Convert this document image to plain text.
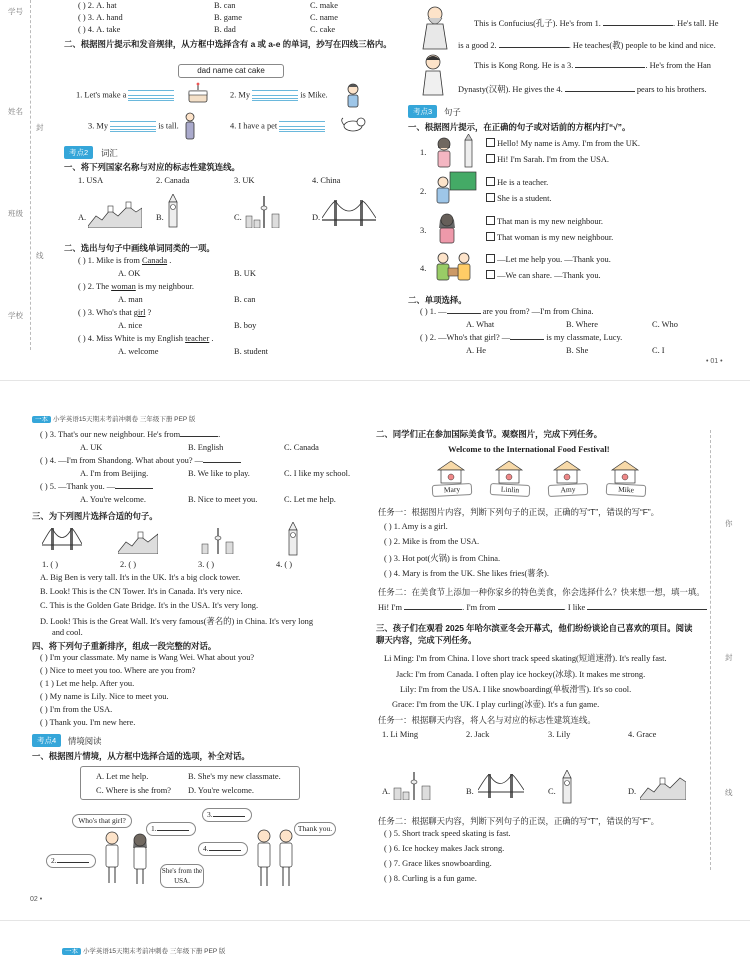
学号
姓名
封
班级
线
学校
( ) 2. A. hat	B. can	C. make
( ) 3. A. hand	B. game	C. name
( ) 4. A. take	B. dad	C. cake
二、根据图片提示和发音规律，从方框中选择含有 a 或 a-e 的单词，抄写在四线三格内。
dad name cat cake
1. Let's make a	2. My	is Mike.
3. My	is tall.	4. I have a pet
考点2	词汇
一、将下列国家名称与对应的标志性建筑连线。
1. USA	2. Canada	3. UK	4. China
A.	B.	C.	D.
二、选出与句子中画线单词同类的一项。
( ) 1. Mike is from Canada .
A. OK	B. UK
( ) 2. The woman is my neighbour.
A. man	B. can
( ) 3. Who's that girl ?
A. nice	B. boy
( ) 4. Miss White is my English teacher .
A. welcome	B. student
This is Confucius(孔子). He's from 1.	. He's tall. He
is a good 2.	. He teaches(教) people to be kind and nice.
This is Kong Rong. He is a 3.	. He's from the Han
Dynasty(汉朝). He gives the 4.	pears to his brothers.
考点3	句子
一、根据图片提示，在正确的句子或对话前的方框内打“√”。
1.
Hello! My name is Amy. I'm from the UK.
Hi! I'm Sarah. I'm from the USA.
2.
He is a teacher.
She is a student.
3.
That man is my new neighbour.
That woman is my new neighbour.
4.
—Let me help you. —Thank you.
—We can share. —Thank you.
二、单项选择。
( ) 1. —	are you from? —I'm from China.
A. What	B. Where	C. Who
( ) 2. —Who's that girl? —	is my classmate, Lucy.
A. He	B. She	C. I
• 01 •
一本 小学英语15天期末考前冲刺卷 三年级下册 PEP 版
你
封
线
( ) 3. That's our new neighbour. He's from	.
A. UK	B. English	C. Canada
( ) 4. —I'm from Shandong. What about you? —
A. I'm from Beijing.	B. We like to play.	C. I like my school.
( ) 5. —Thank you. —
A. You're welcome.	B. Nice to meet you.	C. Let me help.
三、为下列图片选择合适的句子。
1. ( )	2. ( )	3. ( )	4. ( )
A. Big Ben is very tall. It's in the UK. It's a big clock tower.
B. Look! This is the CN Tower. It's in Canada. It's very nice.
C. This is the Golden Gate Bridge. It's in the USA. It's very long.
D. Look! This is the Great Wall. It's very famous(著名的) in China. It's very long
and cool.
四、将下列句子重新排序，组成一段完整的对话。
( ) I'm your classmate. My name is Wang Wei. What about you?
( ) Nice to meet you too. Where are you from?
( 1 ) Let me help. After you.
( ) My name is Lily. Nice to meet you.
( ) I'm from the USA.
( ) Thank you. I'm new here.
考点4	情境阅读
一、根据图片情境，从方框中选择合适的选项，补全对话。
A. Let me help.	B. She's my new classmate.
C. Where is she from? D. You're welcome.
Who's that girl?
1.
3.
Thank you.
4.
2.
She's from the USA.
二、同学们正在参加国际美食节。观察图片，完成下列任务。
Welcome to the International Food Festival!
Mary	Linlin	Amy	Mike
任务一：根据图片内容，判断下列句子的正误，正确的写“T”，错误的写“F”。
( ) 1. Amy is a girl.
( ) 2. Mike is from the USA.
( ) 3. Hot pot(火锅) is from China.
( ) 4. Mary is from the UK. She likes fries(薯条).
任务二：在美食节上添加一种你家乡的特色美食，你会选择什么？快来想一想，填一填。
Hi! I'm	. I'm from	. I like
三、孩子们在观看 2025 年哈尔滨亚冬会开幕式，他们纷纷谈论自己喜欢的项目。阅读聊天内容，完成下列任务。
Li Ming: I'm from China. I love short track speed skating(短道速滑). It's really fast.
Jack: I'm from Canada. I often play ice hockey(冰球). It makes me strong.
Lily: I'm from the USA. I like snowboarding(单板滑雪). It's so cool.
Grace: I'm from the UK. I play curling(冰壶). It's a fun game.
任务一：根据聊天内容，将人名与对应的标志性建筑连线。
1. Li Ming	2. Jack	3. Lily	4. Grace
A.	B.	C.	D.
任务二：根据聊天内容，判断下列句子的正误，正确的写“T”，错误的写“F”。
( ) 5. Short track speed skating is fast.
( ) 6. Ice hockey makes Jack strong.
( ) 7. Grace likes snowboarding.
( ) 8. Curling is a fun game.
02 •
一本 小学英语15天期末考前冲刺卷 三年级下册 PEP 版
